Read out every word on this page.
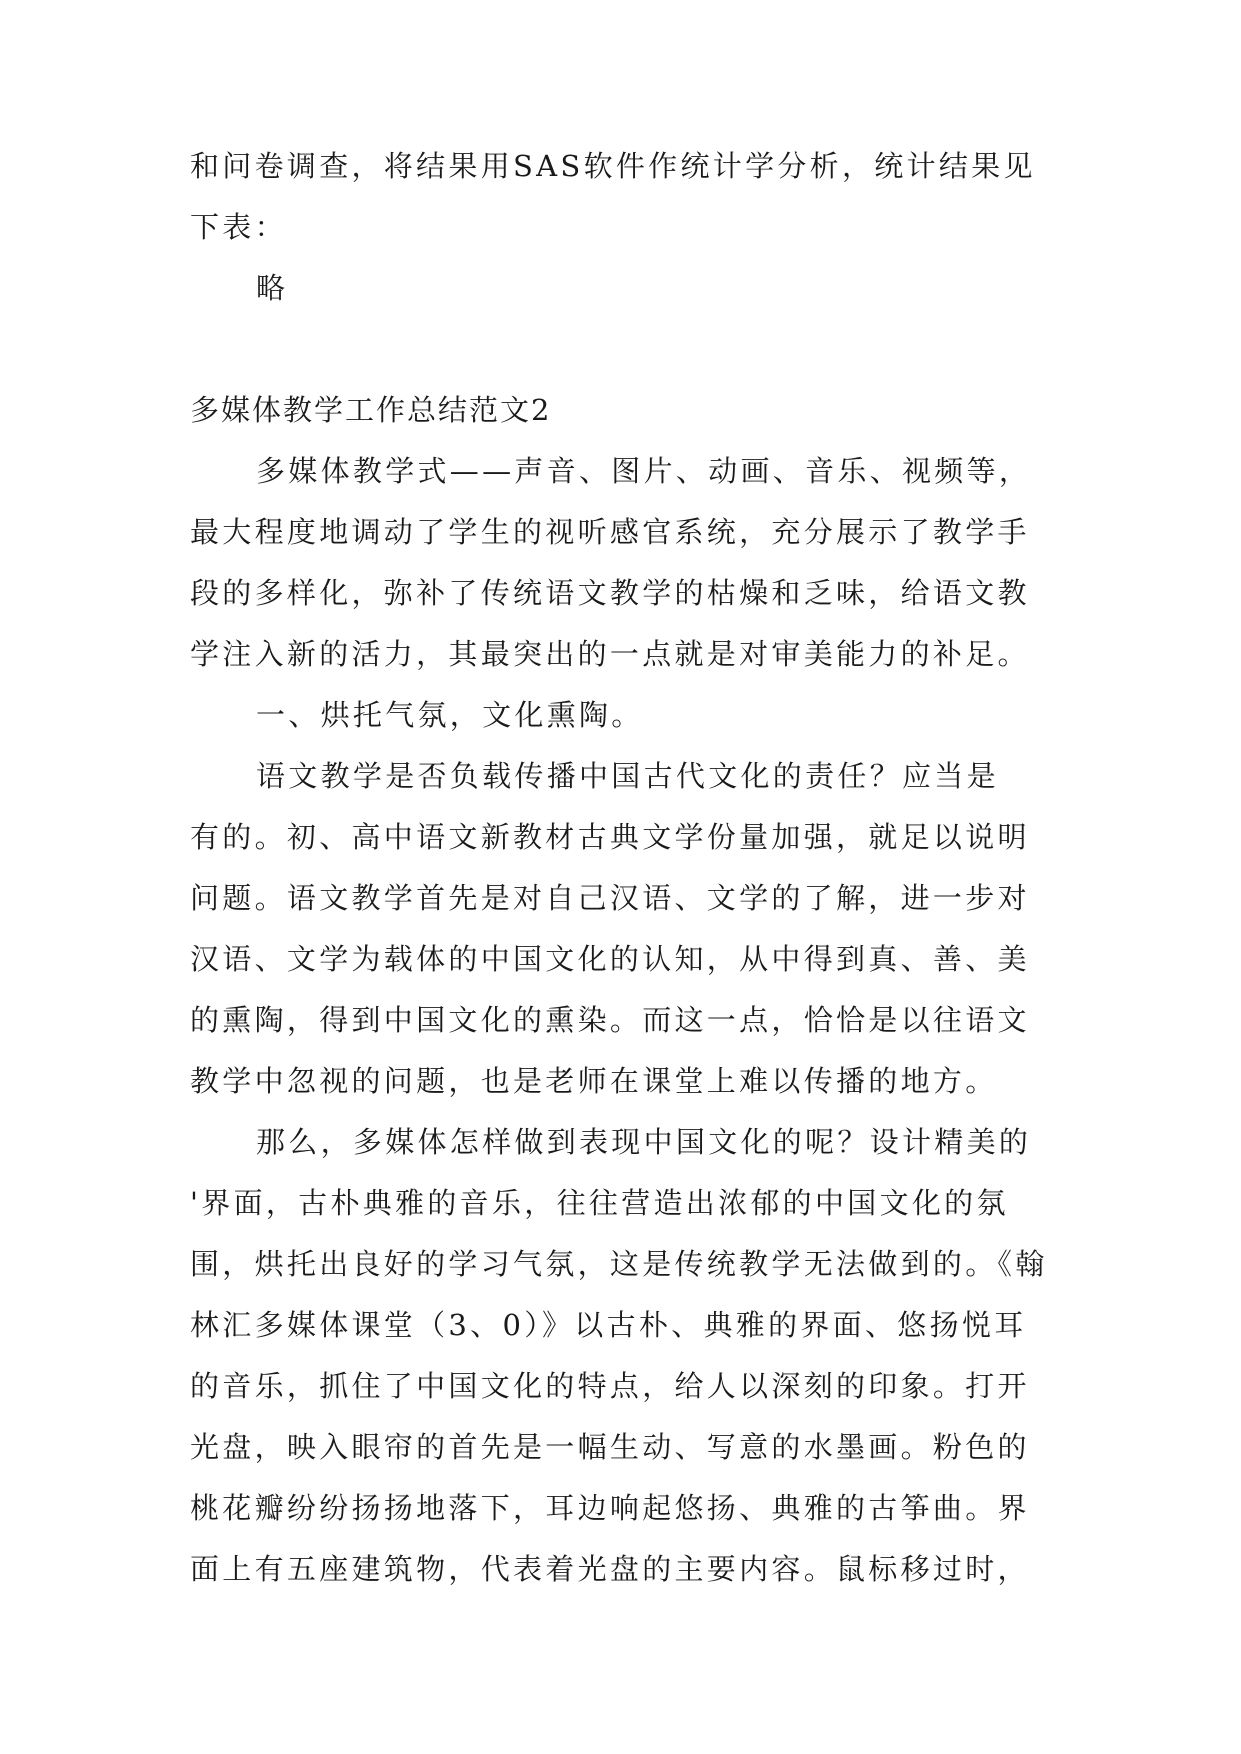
和问卷调查，将结果用SAS软件作统计学分析，统计结果见
下表：
略
多媒体教学工作总结范文2
多媒体教学式——声音、图片、动画、音乐、视频等，
最大程度地调动了学生的视听感官系统，充分展示了教学手
段的多样化，弥补了传统语文教学的枯燥和乏味，给语文教
学注入新的活力，其最突出的一点就是对审美能力的补足。
一、烘托气氛，文化熏陶。
语文教学是否负载传播中国古代文化的责任？应当是
有的。初、高中语文新教材古典文学份量加强，就足以说明
问题。语文教学首先是对自己汉语、文学的了解，进一步对
汉语、文学为载体的中国文化的认知，从中得到真、善、美
的熏陶，得到中国文化的熏染。而这一点，恰恰是以往语文
教学中忽视的问题，也是老师在课堂上难以传播的地方。
那么，多媒体怎样做到表现中国文化的呢？设计精美的
'界面，古朴典雅的音乐，往往营造出浓郁的中国文化的氛
围，烘托出良好的学习气氛，这是传统教学无法做到的。《翰
林汇多媒体课堂（3、0）》以古朴、典雅的界面、悠扬悦耳
的音乐，抓住了中国文化的特点，给人以深刻的印象。打开
光盘，映入眼帘的首先是一幅生动、写意的水墨画。粉色的
桃花瓣纷纷扬扬地落下，耳边响起悠扬、典雅的古筝曲。界
面上有五座建筑物，代表着光盘的主要内容。鼠标移过时，
